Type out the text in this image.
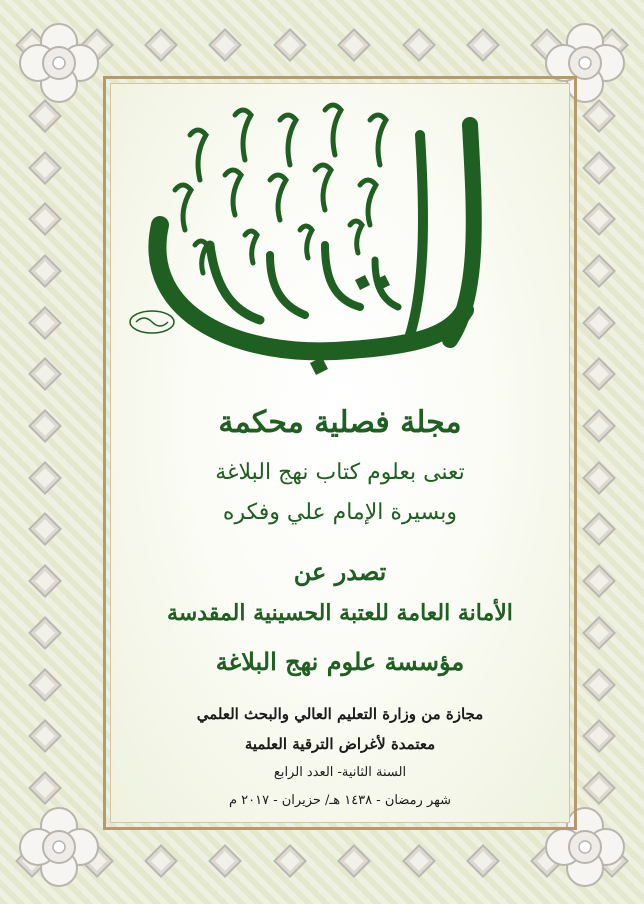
مجلة فصلية محكمة
تعنى بعلوم كتاب نهج البلاغة
وبسيرة الإمام علي وفكره
تصدر عن
الأمانة العامة للعتبة الحسينية المقدسة
مؤسسة علوم نهج البلاغة
مجازة من وزارة التعليم العالي والبحث العلمي
معتمدة لأغراض الترقية العلمية
السنة الثانية- العدد الرابع
شهر رمضان - ١٤٣٨ هـ/ حزيران - ٢٠١٧ م
